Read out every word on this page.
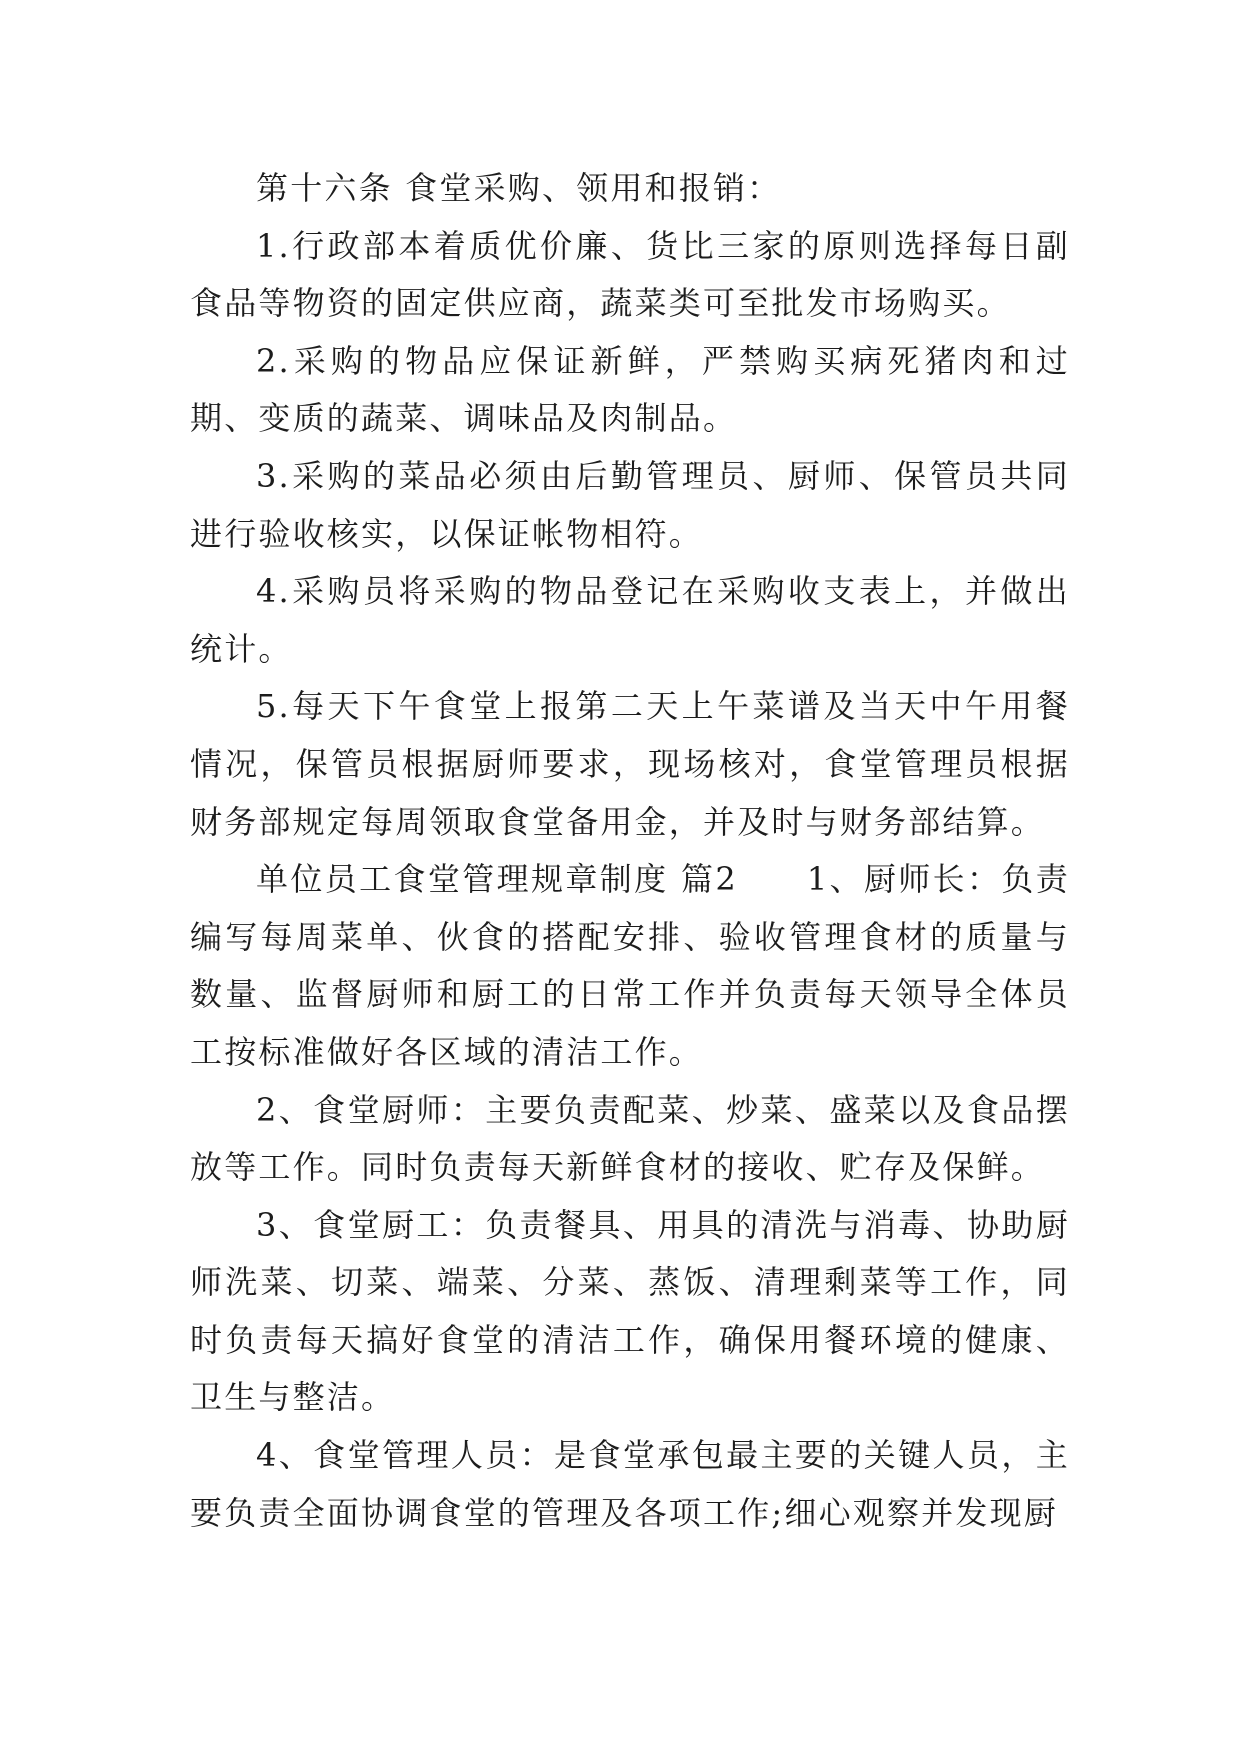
第十六条 食堂采购、领用和报销：

1.行政部本着质优价廉、货比三家的原则选择每日副食品等物资的固定供应商，蔬菜类可至批发市场购买。

2.采购的物品应保证新鲜，严禁购买病死猪肉和过期、变质的蔬菜、调味品及肉制品。

3.采购的菜品必须由后勤管理员、厨师、保管员共同进行验收核实，以保证帐物相符。

4.采购员将采购的物品登记在采购收支表上，并做出统计。

5.每天下午食堂上报第二天上午菜谱及当天中午用餐情况，保管员根据厨师要求，现场核对，食堂管理员根据财务部规定每周领取食堂备用金，并及时与财务部结算。

单位员工食堂管理规章制度 篇2　　1、厨师长：负责编写每周菜单、伙食的搭配安排、验收管理食材的质量与数量、监督厨师和厨工的日常工作并负责每天领导全体员工按标准做好各区域的清洁工作。

2、食堂厨师：主要负责配菜、炒菜、盛菜以及食品摆放等工作。同时负责每天新鲜食材的接收、贮存及保鲜。

3、食堂厨工：负责餐具、用具的清洗与消毒、协助厨师洗菜、切菜、端菜、分菜、蒸饭、清理剩菜等工作，同时负责每天搞好食堂的清洁工作，确保用餐环境的健康、卫生与整洁。

4、食堂管理人员：是食堂承包最主要的关键人员，主要负责全面协调食堂的管理及各项工作;细心观察并发现厨
